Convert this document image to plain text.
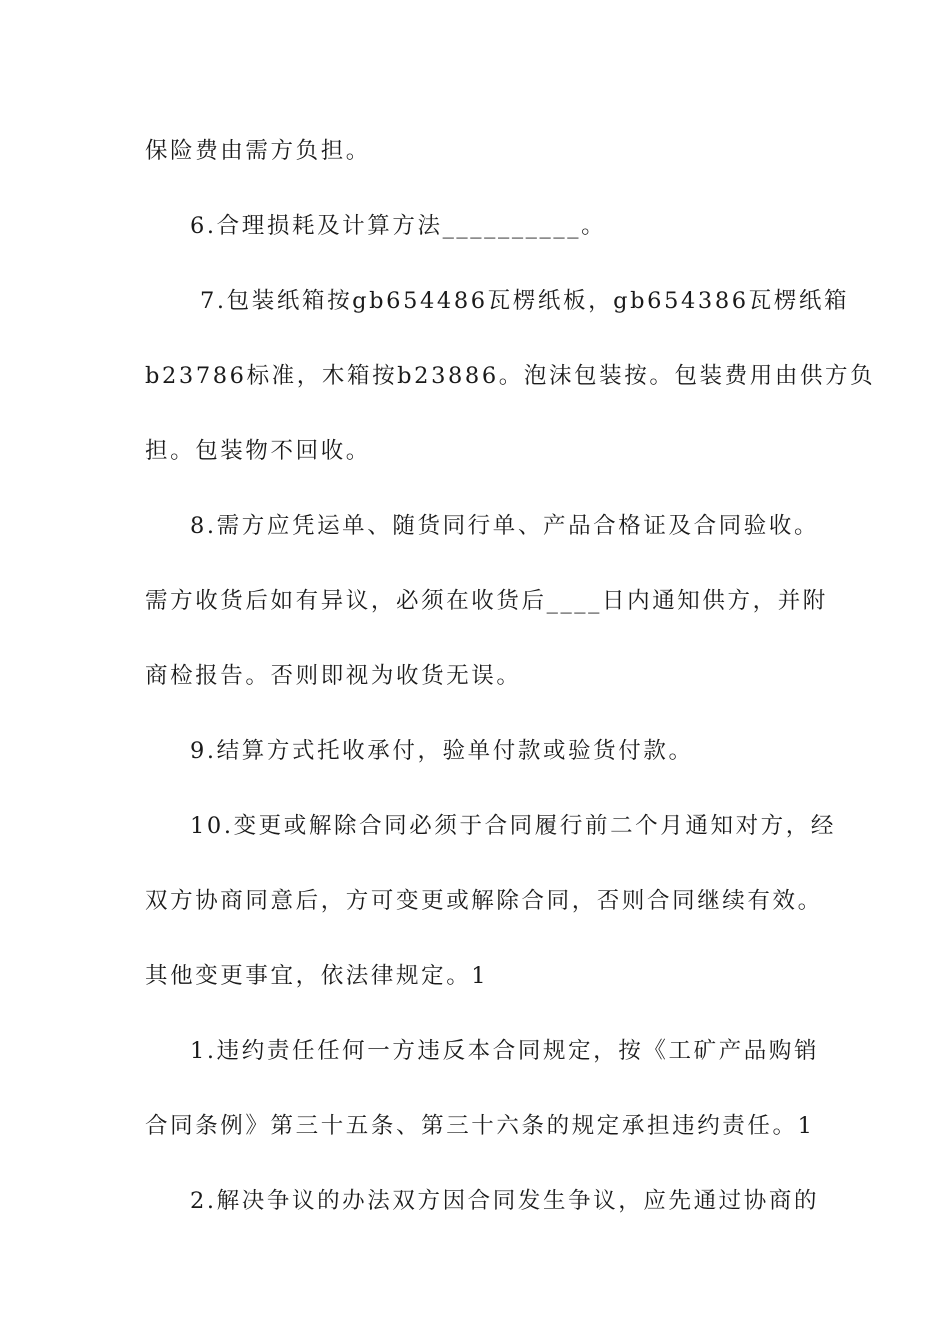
保险费由需方负担。
6.合理损耗及计算方法__________。
7.包装纸箱按gb654486瓦楞纸板，gb654386瓦楞纸箱
b23786标准，木箱按b23886。泡沫包装按。包装费用由供方负
担。包装物不回收。
8.需方应凭运单、随货同行单、产品合格证及合同验收。
需方收货后如有异议，必须在收货后____日内通知供方，并附
商检报告。否则即视为收货无误。
9.结算方式托收承付，验单付款或验货付款。
10.变更或解除合同必须于合同履行前二个月通知对方，经
双方协商同意后，方可变更或解除合同，否则合同继续有效。
其他变更事宜，依法律规定。1
1.违约责任任何一方违反本合同规定，按《工矿产品购销
合同条例》第三十五条、第三十六条的规定承担违约责任。1
2.解决争议的办法双方因合同发生争议，应先通过协商的
